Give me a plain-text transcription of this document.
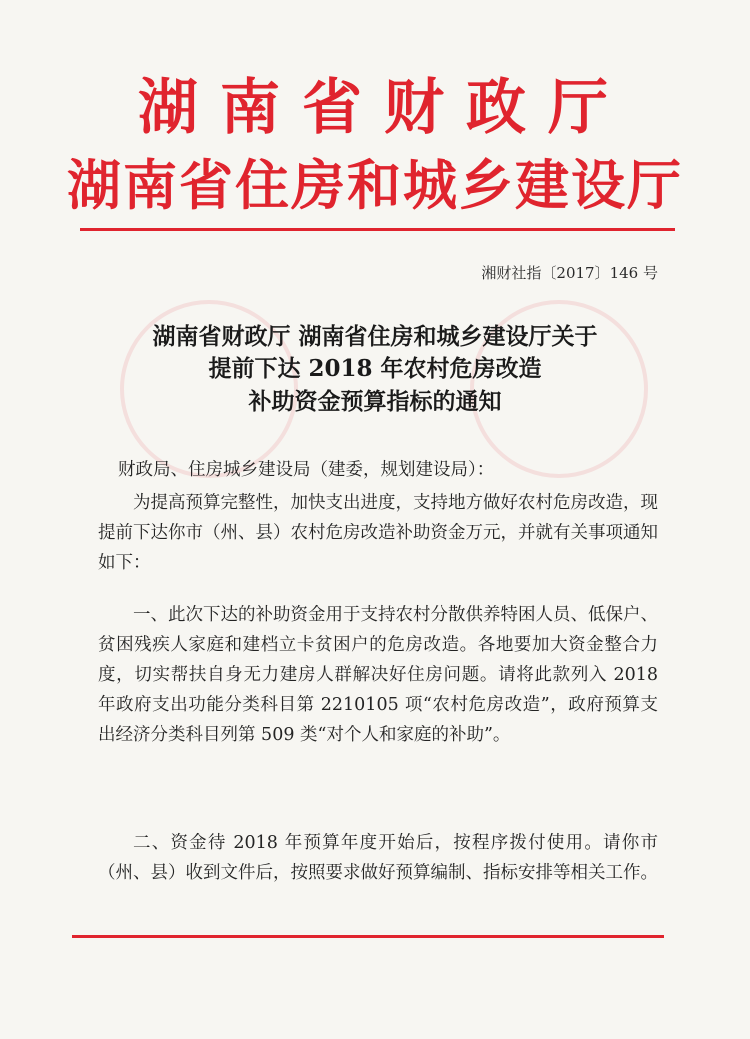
湖南省财政厅
湖南省住房和城乡建设厅
湘财社指〔2017〕146 号
湖南省财政厅 湖南省住房和城乡建设厅关于
提前下达 2018 年农村危房改造
补助资金预算指标的通知
财政局、住房城乡建设局（建委，规划建设局）：
为提高预算完整性，加快支出进度，支持地方做好农村危房改造，现提前下达你市（州、县）农村危房改造补助资金万元，并就有关事项通知如下：
一、此次下达的补助资金用于支持农村分散供养特困人员、低保户、贫困残疾人家庭和建档立卡贫困户的危房改造。各地要加大资金整合力度，切实帮扶自身无力建房人群解决好住房问题。请将此款列入 2018 年政府支出功能分类科目第 2210105 项“农村危房改造”，政府预算支出经济分类科目列第 509 类“对个人和家庭的补助”。
二、资金待 2018 年预算年度开始后，按程序拨付使用。请你市（州、县）收到文件后，按照要求做好预算编制、指标安排等相关工作。
